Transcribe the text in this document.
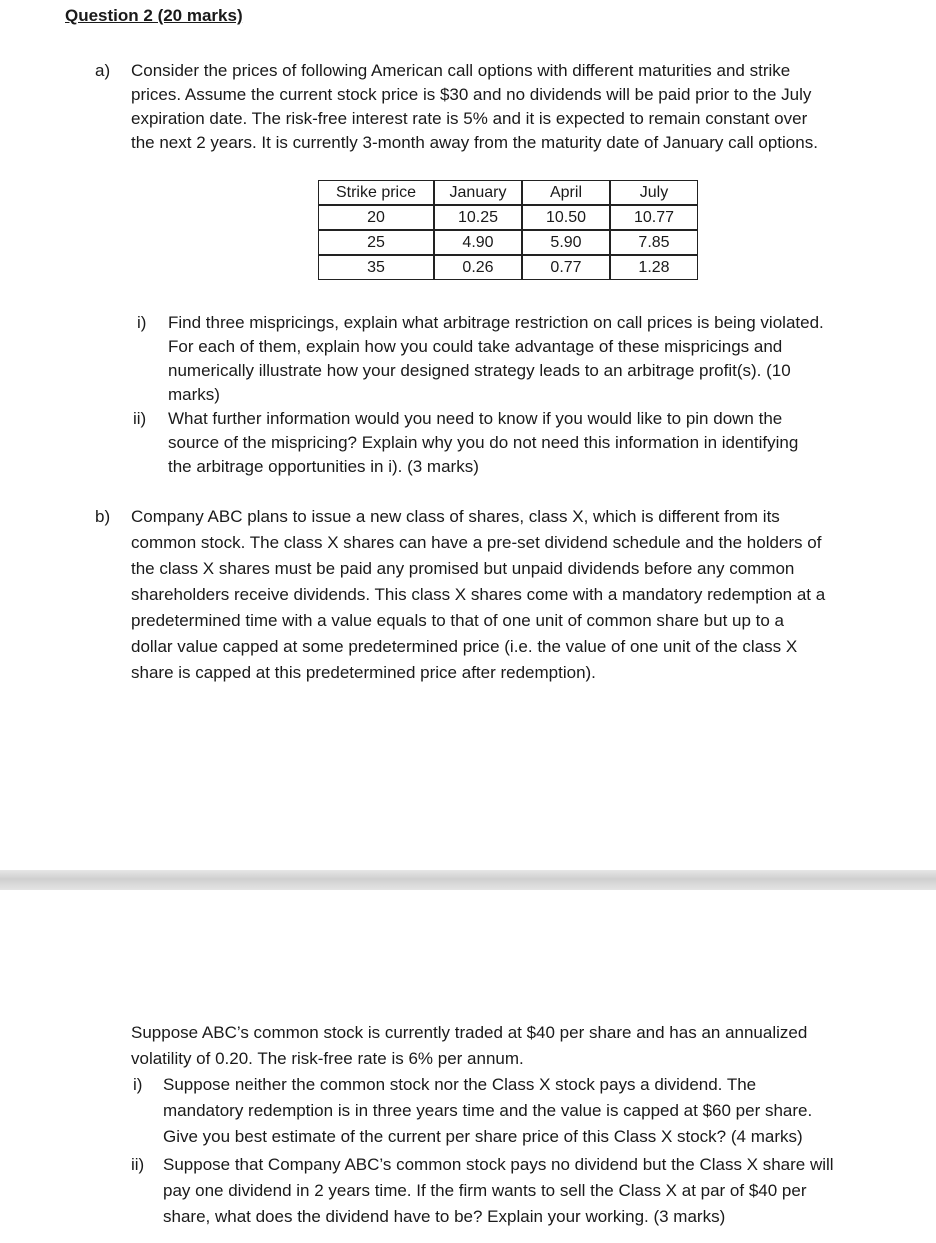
Question 2 (20 marks)
a)	Consider the prices of following American call options with different maturities and strike
prices. Assume the current stock price is $30 and no dividends will be paid prior to the July
expiration date. The risk-free interest rate is 5% and it is expected to remain constant over
the next 2 years. It is currently 3-month away from the maturity date of January call options.
Strike price	January	April	July
20	10.25	10.50	10.77
25	4.90	5.90	7.85
35	0.26	0.77	1.28
i) Find three mispricings, explain what arbitrage restriction on call prices is being violated.
For each of them, explain how you could take advantage of these mispricings and
numerically illustrate how your designed strategy leads to an arbitrage profit(s). (10
marks)
ii) What further information would you need to know if you would like to pin down the
source of the mispricing? Explain why you do not need this information in identifying
the arbitrage opportunities in i). (3 marks)
b) Company ABC plans to issue a new class of shares, class X, which is different from its
common stock. The class X shares can have a pre-set dividend schedule and the holders of
the class X shares must be paid any promised but unpaid dividends before any common
shareholders receive dividends. This class X shares come with a mandatory redemption at a
predetermined time with a value equals to that of one unit of common share but up to a
dollar value capped at some predetermined price (i.e. the value of one unit of the class X
share is capped at this predetermined price after redemption).
Suppose ABC’s common stock is currently traded at $40 per share and has an annualized
volatility of 0.20. The risk-free rate is 6% per annum.
i) Suppose neither the common stock nor the Class X stock pays a dividend. The
mandatory redemption is in three years time and the value is capped at $60 per share.
Give you best estimate of the current per share price of this Class X stock? (4 marks)
ii) Suppose that Company ABC’s common stock pays no dividend but the Class X share will
pay one dividend in 2 years time. If the firm wants to sell the Class X at par of $40 per
share, what does the dividend have to be? Explain your working. (3 marks)
